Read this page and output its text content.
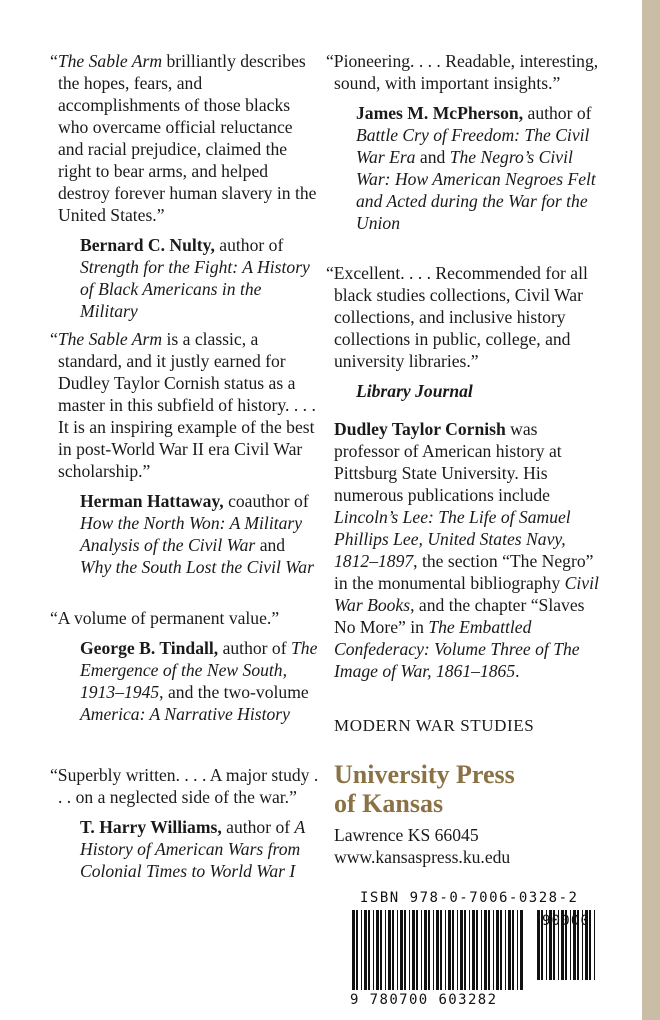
“The Sable Arm brilliantly describes the hopes, fears, and accomplishments of those blacks who overcame official reluctance and racial prejudice, claimed the right to bear arms, and helped destroy forever human slavery in the United States.”

Bernard C. Nulty, author of Strength for the Fight: A History of Black Americans in the Military

“The Sable Arm is a classic, a standard, and it justly earned for Dudley Taylor Cornish status as a master in this subfield of history. . . . It is an inspiring example of the best in post-World War II era Civil War scholarship.”

Herman Hattaway, coauthor of How the North Won: A Military Analysis of the Civil War and Why the South Lost the Civil War

“A volume of permanent value.”

George B. Tindall, author of The Emergence of the New South, 1913–1945, and the two-volume America: A Narrative History

“Superbly written. . . . A major study . . . on a neglected side of the war.”

T. Harry Williams, author of A History of American Wars from Colonial Times to World War I

“Pioneering. . . . Readable, interesting, sound, with important insights.”

James M. McPherson, author of Battle Cry of Freedom: The Civil War Era and The Negro’s Civil War: How American Negroes Felt and Acted during the War for the Union

“Excellent. . . . Recommended for all black studies collections, Civil War collections, and inclusive history collections in public, college, and university libraries.”

Library Journal

Dudley Taylor Cornish was professor of American history at Pittsburg State University. His numerous publications include Lincoln’s Lee: The Life of Samuel Phillips Lee, United States Navy, 1812–1897, the section “The Negro” in the monumental bibliography Civil War Books, and the chapter “Slaves No More” in The Embattled Confederacy: Volume Three of The Image of War, 1861–1865.

MODERN WAR STUDIES
University Press
of Kansas
Lawrence KS 66045
www.kansaspress.ku.edu
ISBN 978-0-7006-0328-2
9 780700 603282
